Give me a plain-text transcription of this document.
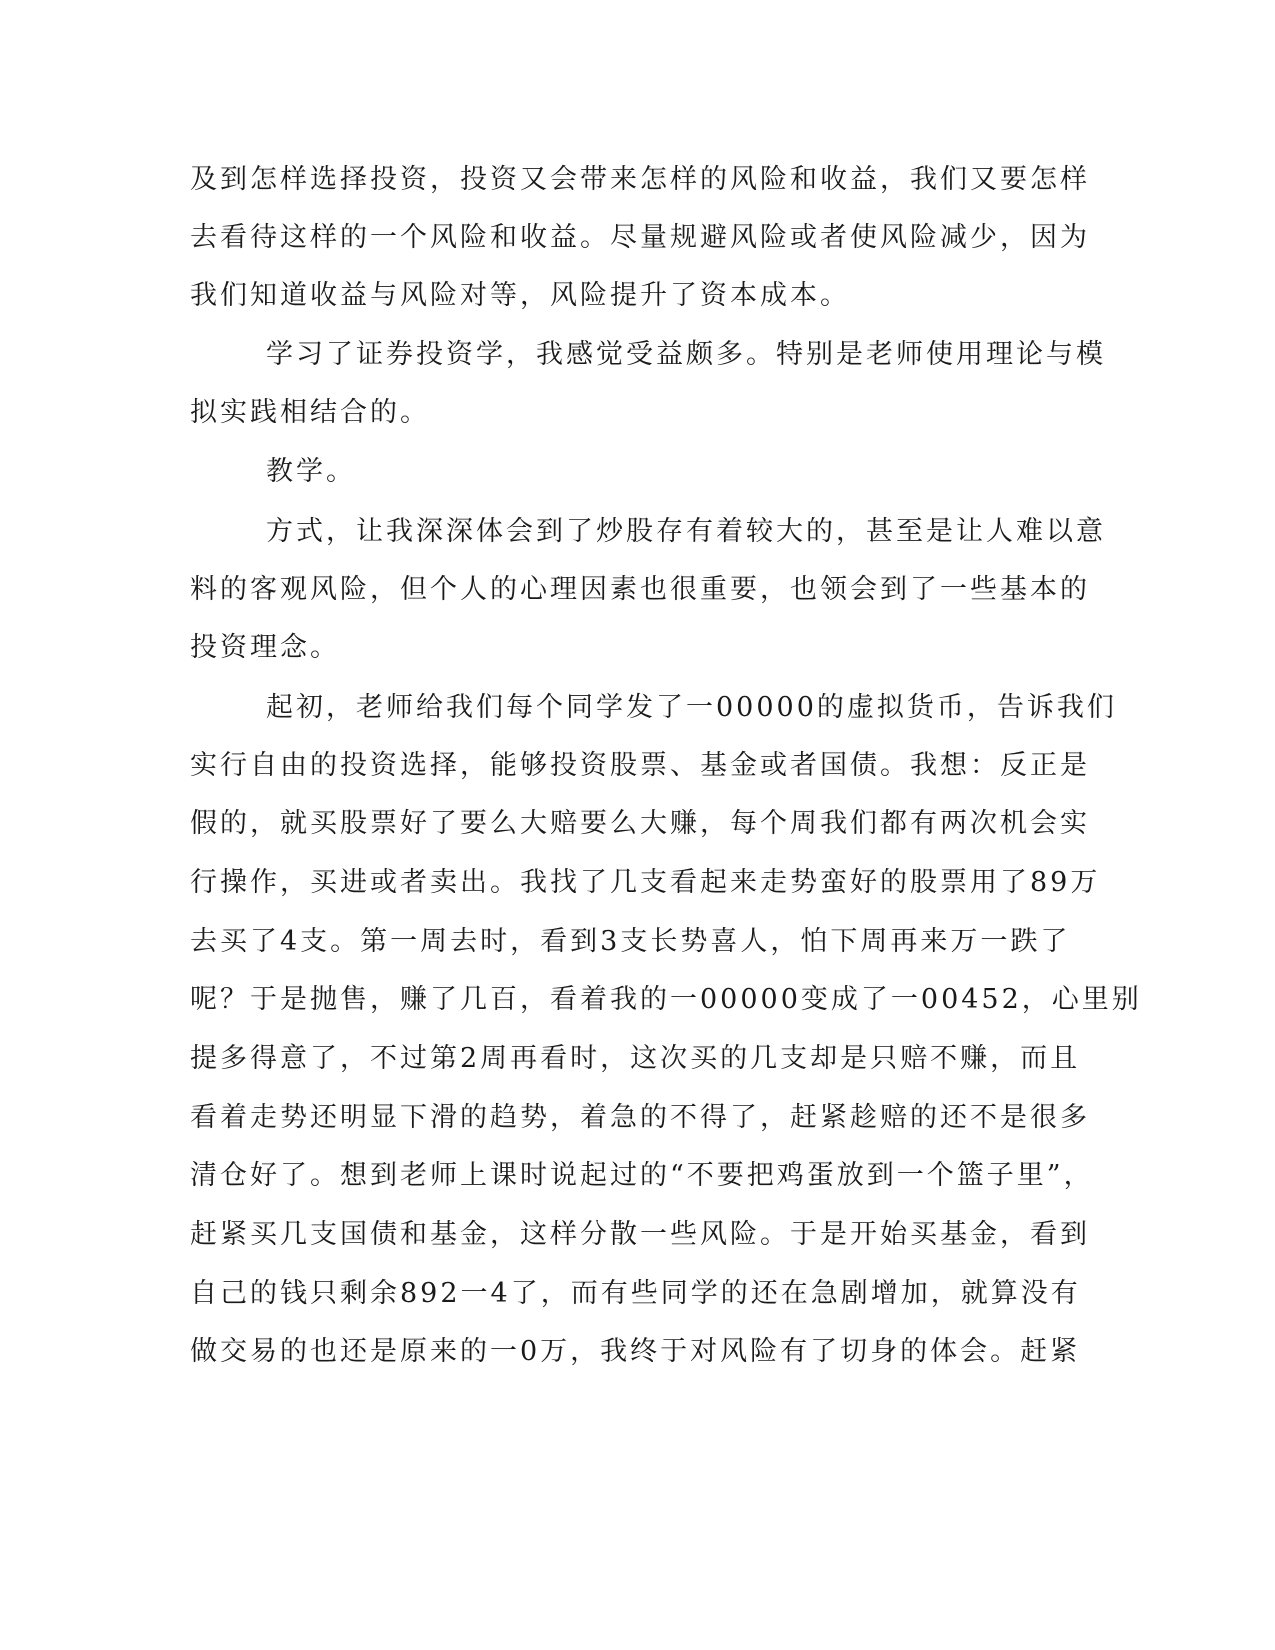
及到怎样选择投资，投资又会带来怎样的风险和收益，我们又要怎样
去看待这样的一个风险和收益。尽量规避风险或者使风险减少，因为
我们知道收益与风险对等，风险提升了资本成本。
学习了证券投资学，我感觉受益颇多。特别是老师使用理论与模
拟实践相结合的。
教学。
方式，让我深深体会到了炒股存有着较大的，甚至是让人难以意
料的客观风险，但个人的心理因素也很重要，也领会到了一些基本的
投资理念。
起初，老师给我们每个同学发了一00000的虚拟货币，告诉我们
实行自由的投资选择，能够投资股票、基金或者国债。我想：反正是
假的，就买股票好了要么大赔要么大赚，每个周我们都有两次机会实
行操作，买进或者卖出。我找了几支看起来走势蛮好的股票用了89万
去买了4支。第一周去时，看到3支长势喜人，怕下周再来万一跌了
呢？于是抛售，赚了几百，看着我的一00000变成了一00452，心里别
提多得意了，不过第2周再看时，这次买的几支却是只赔不赚，而且
看着走势还明显下滑的趋势，着急的不得了，赶紧趁赔的还不是很多
清仓好了。想到老师上课时说起过的“不要把鸡蛋放到一个篮子里”，
赶紧买几支国债和基金，这样分散一些风险。于是开始买基金，看到
自己的钱只剩余892一4了，而有些同学的还在急剧增加，就算没有
做交易的也还是原来的一0万，我终于对风险有了切身的体会。赶紧
